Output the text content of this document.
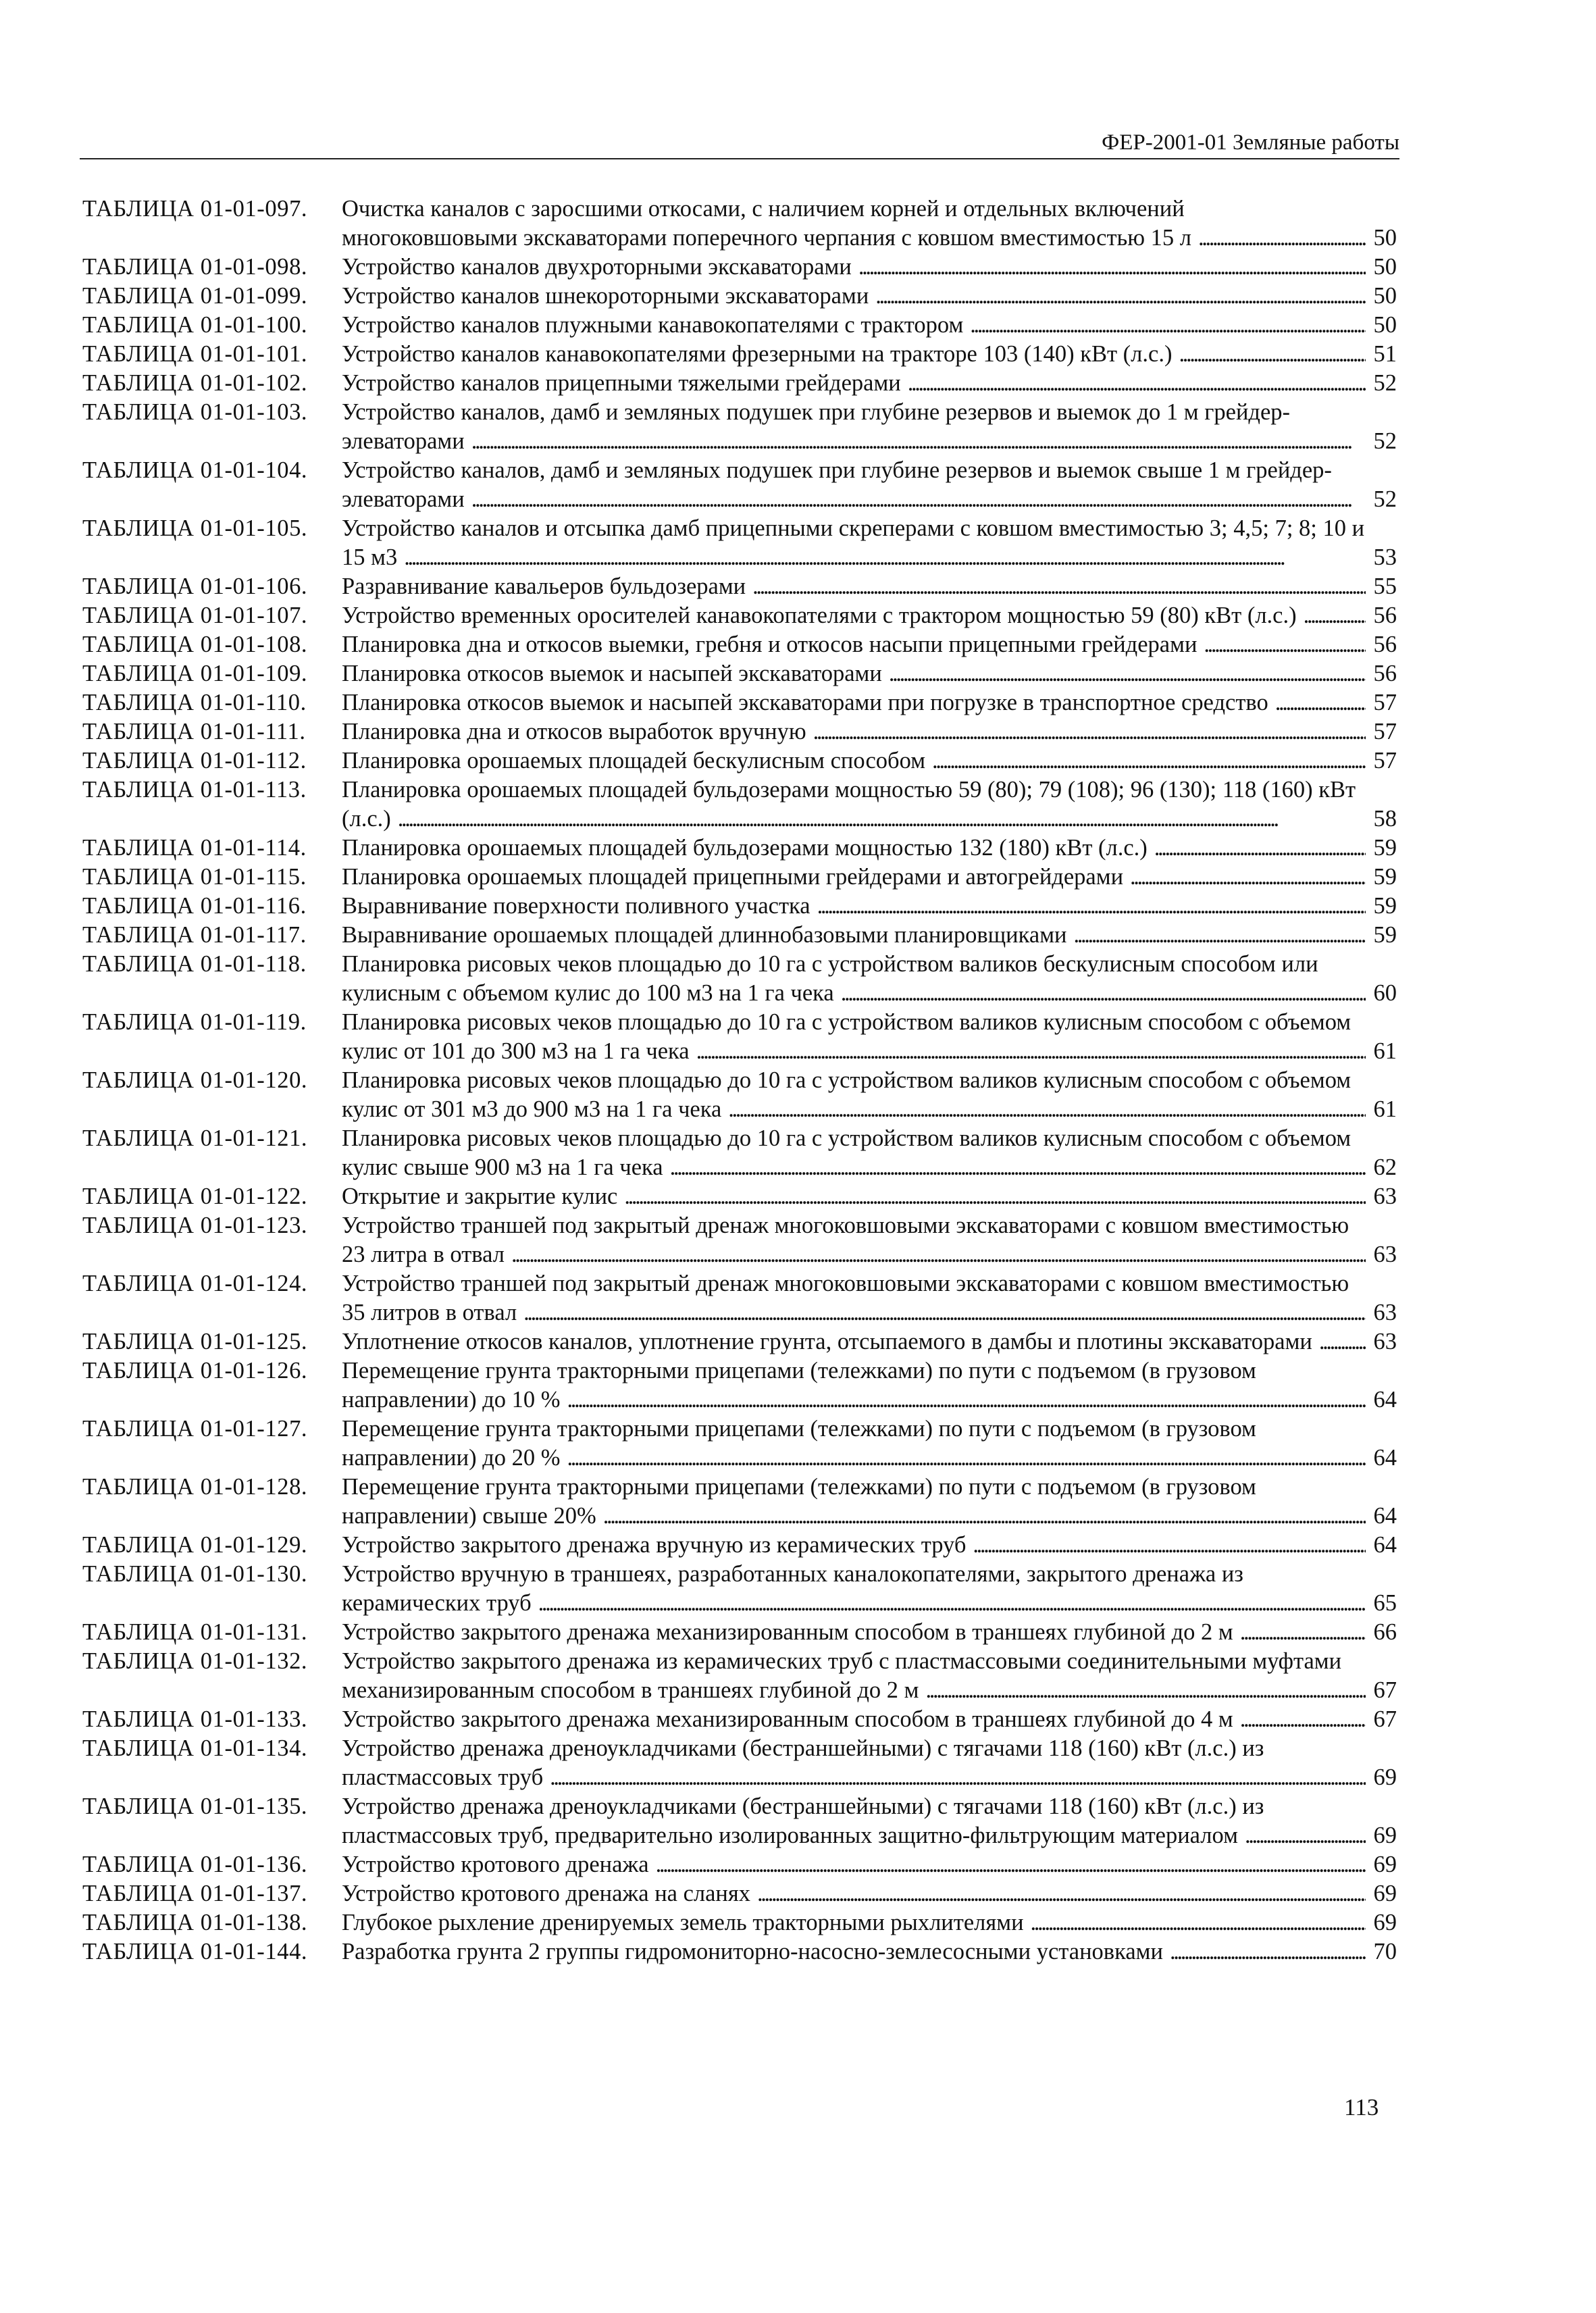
ФЕР-2001-01 Земляные работы
ТАБЛИЦА 01-01-097.	Очистка каналов с заросшими откосами, с наличием корней и отдельных включений многоковшовыми экскаваторами поперечного черпания с ковшом вместимостью 15 л . . .	50
ТАБЛИЦА 01-01-098.	Устройство каналов двухроторными экскаваторами . . .	50
ТАБЛИЦА 01-01-099.	Устройство каналов шнекороторными экскаваторами . . .	50
ТАБЛИЦА 01-01-100.	Устройство каналов плужными канавокопателями с трактором . . .	50
ТАБЛИЦА 01-01-101.	Устройство каналов канавокопателями фрезерными на тракторе 103 (140) кВт (л.с.) . . .	51
ТАБЛИЦА 01-01-102.	Устройство каналов прицепными тяжелыми грейдерами . . .	52
ТАБЛИЦА 01-01-103.	Устройство каналов, дамб и земляных подушек при глубине резервов и выемок до 1 м грейдер-элеваторами . . .	52
ТАБЛИЦА 01-01-104.	Устройство каналов, дамб и земляных подушек при глубине резервов и выемок свыше 1 м грейдер-элеваторами . . .	52
ТАБЛИЦА 01-01-105.	Устройство каналов и отсыпка дамб прицепными скреперами с ковшом вместимостью 3; 4,5; 7; 8; 10 и 15 м3 . . .	53
ТАБЛИЦА 01-01-106.	Разравнивание кавальеров бульдозерами . . .	55
ТАБЛИЦА 01-01-107.	Устройство временных оросителей канавокопателями с трактором мощностью 59 (80) кВт (л.с.) . . .	56
ТАБЛИЦА 01-01-108.	Планировка дна и откосов выемки, гребня и откосов насыпи прицепными грейдерами . . .	56
ТАБЛИЦА 01-01-109.	Планировка откосов выемок и насыпей экскаваторами . . .	56
ТАБЛИЦА 01-01-110.	Планировка откосов выемок и насыпей экскаваторами при погрузке в транспортное средство . . .	57
ТАБЛИЦА 01-01-111.	Планировка дна и откосов выработок вручную . . .	57
ТАБЛИЦА 01-01-112.	Планировка орошаемых площадей бескулисным способом . . .	57
ТАБЛИЦА 01-01-113.	Планировка орошаемых площадей бульдозерами мощностью 59 (80); 79 (108); 96 (130); 118 (160) кВт (л.с.) . . .	58
ТАБЛИЦА 01-01-114.	Планировка орошаемых площадей бульдозерами мощностью 132 (180) кВт (л.с.) . . .	59
ТАБЛИЦА 01-01-115.	Планировка орошаемых площадей прицепными грейдерами и автогрейдерами . . .	59
ТАБЛИЦА 01-01-116.	Выравнивание поверхности поливного участка . . .	59
ТАБЛИЦА 01-01-117.	Выравнивание орошаемых площадей длиннобазовыми планировщиками . . .	59
ТАБЛИЦА 01-01-118.	Планировка рисовых чеков площадью до 10 га с устройством валиков бескулисным способом или кулисным с объемом кулис до 100 м3 на 1 га чека . . .	60
ТАБЛИЦА 01-01-119.	Планировка рисовых чеков площадью до 10 га с устройством валиков кулисным способом с объемом кулис от 101 до 300 м3 на 1 га чека . . .	61
ТАБЛИЦА 01-01-120.	Планировка рисовых чеков площадью до 10 га с устройством валиков кулисным способом с объемом кулис от 301 м3 до 900 м3 на 1 га чека . . .	61
ТАБЛИЦА 01-01-121.	Планировка рисовых чеков площадью до 10 га с устройством валиков кулисным способом с объемом кулис свыше 900 м3 на 1 га чека . . .	62
ТАБЛИЦА 01-01-122.	Открытие и закрытие кулис . . .	63
ТАБЛИЦА 01-01-123.	Устройство траншей под закрытый дренаж многоковшовыми экскаваторами с ковшом вместимостью 23 литра в отвал . . .	63
ТАБЛИЦА 01-01-124.	Устройство траншей под закрытый дренаж многоковшовыми экскаваторами с ковшом вместимостью 35 литров в отвал . . .	63
ТАБЛИЦА 01-01-125.	Уплотнение откосов каналов, уплотнение грунта, отсыпаемого в дамбы и плотины экскаваторами . . .	63
ТАБЛИЦА 01-01-126.	Перемещение грунта тракторными прицепами (тележками) по пути с подъемом (в грузовом направлении) до 10 % . . .	64
ТАБЛИЦА 01-01-127.	Перемещение грунта тракторными прицепами (тележками) по пути с подъемом (в грузовом направлении) до 20 % . . .	64
ТАБЛИЦА 01-01-128.	Перемещение грунта тракторными прицепами (тележками) по пути с подъемом (в грузовом направлении) свыше 20% . . .	64
ТАБЛИЦА 01-01-129.	Устройство закрытого дренажа вручную из керамических труб . . .	64
ТАБЛИЦА 01-01-130.	Устройство вручную в траншеях, разработанных каналокопателями, закрытого дренажа из керамических труб . . .	65
ТАБЛИЦА 01-01-131.	Устройство закрытого дренажа механизированным способом в траншеях глубиной до 2 м . . .	66
ТАБЛИЦА 01-01-132.	Устройство закрытого дренажа из керамических труб с пластмассовыми соединительными муфтами механизированным способом в траншеях глубиной до 2 м . . .	67
ТАБЛИЦА 01-01-133.	Устройство закрытого дренажа механизированным способом в траншеях глубиной до 4 м . . .	67
ТАБЛИЦА 01-01-134.	Устройство дренажа дреноукладчиками (бестраншейными) с тягачами 118 (160) кВт (л.с.) из пластмассовых труб . . .	69
ТАБЛИЦА 01-01-135.	Устройство дренажа дреноукладчиками (бестраншейными) с тягачами 118 (160) кВт (л.с.) из пластмассовых труб, предварительно изолированных защитно-фильтрующим материалом . . .	69
ТАБЛИЦА 01-01-136.	Устройство кротового дренажа . . .	69
ТАБЛИЦА 01-01-137.	Устройство кротового дренажа на сланях . . .	69
ТАБЛИЦА 01-01-138.	Глубокое рыхление дренируемых земель тракторными рыхлителями . . .	69
ТАБЛИЦА 01-01-144.	Разработка грунта 2 группы гидромониторно-насосно-землесосными установками . . .	70
113
